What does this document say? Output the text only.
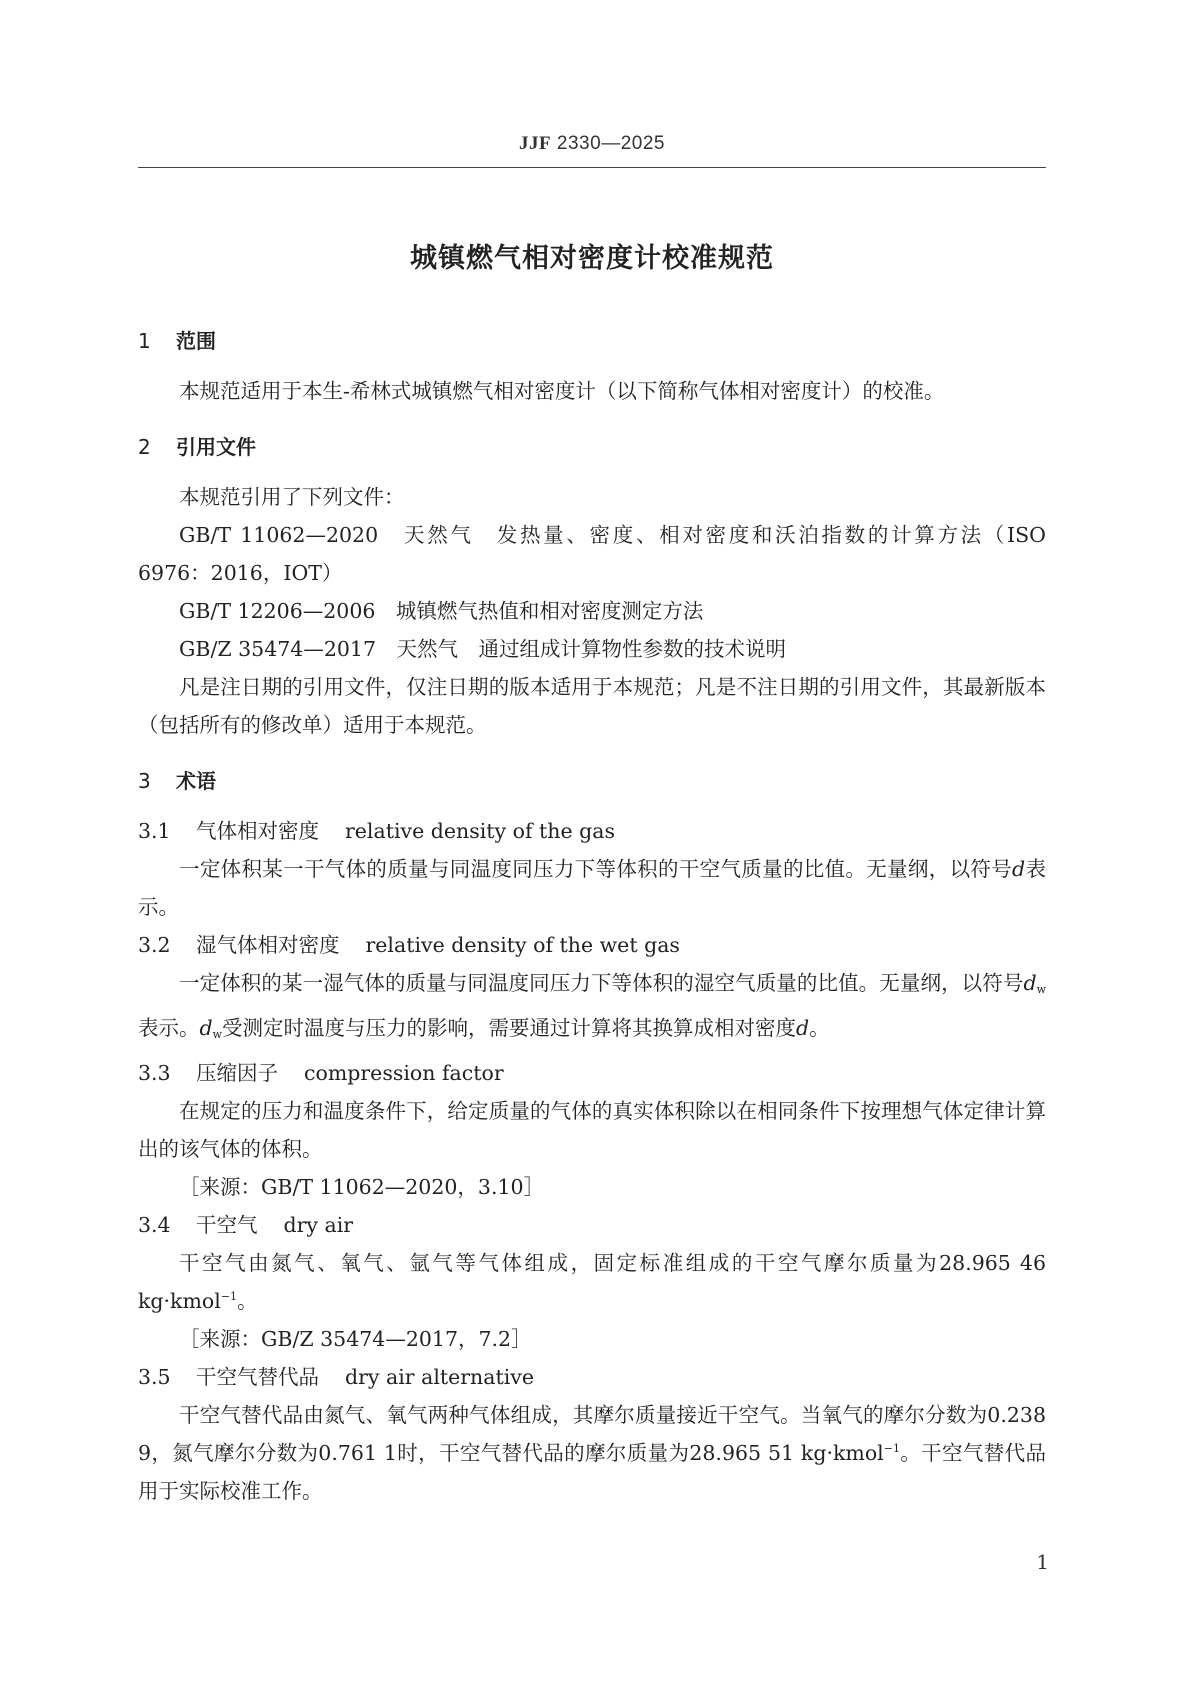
JJF 2330—2025
城镇燃气相对密度计校准规范

1 范围

本规范适用于本生-希林式城镇燃气相对密度计（以下简称气体相对密度计）的校准。

2 引用文件

本规范引用了下列文件：

GB/T 11062—2020　天然气　发热量、密度、相对密度和沃泊指数的计算方法（ISO 6976：2016，IOT）

GB/T 12206—2006　城镇燃气热值和相对密度测定方法

GB/Z 35474—2017　天然气　通过组成计算物性参数的技术说明

凡是注日期的引用文件，仅注日期的版本适用于本规范；凡是不注日期的引用文件，其最新版本（包括所有的修改单）适用于本规范。

3 术语

3.1 气体相对密度 relative density of the gas

一定体积某一干气体的质量与同温度同压力下等体积的干空气质量的比值。无量纲，以符号d表示。

3.2 湿气体相对密度 relative density of the wet gas

一定体积的某一湿气体的质量与同温度同压力下等体积的湿空气质量的比值。无量纲，以符号$d_w$表示。$d_w$受测定时温度与压力的影响，需要通过计算将其换算成相对密度d。

3.3 压缩因子 compression factor

在规定的压力和温度条件下，给定质量的气体的真实体积除以在相同条件下按理想气体定律计算出的该气体的体积。

［来源：GB/T 11062—2020，3.10］

3.4 干空气 dry air

干空气由氮气、氧气、氩气等气体组成，固定标准组成的干空气摩尔质量为28.965 46 kg·kmol$^{-1}$。

［来源：GB/Z 35474—2017，7.2］

3.5 干空气替代品 dry air alternative

干空气替代品由氮气、氧气两种气体组成，其摩尔质量接近干空气。当氧气的摩尔分数为0.238 9，氮气摩尔分数为0.761 1时，干空气替代品的摩尔质量为28.965 51 kg·kmol$^{-1}$。干空气替代品用于实际校准工作。

1
